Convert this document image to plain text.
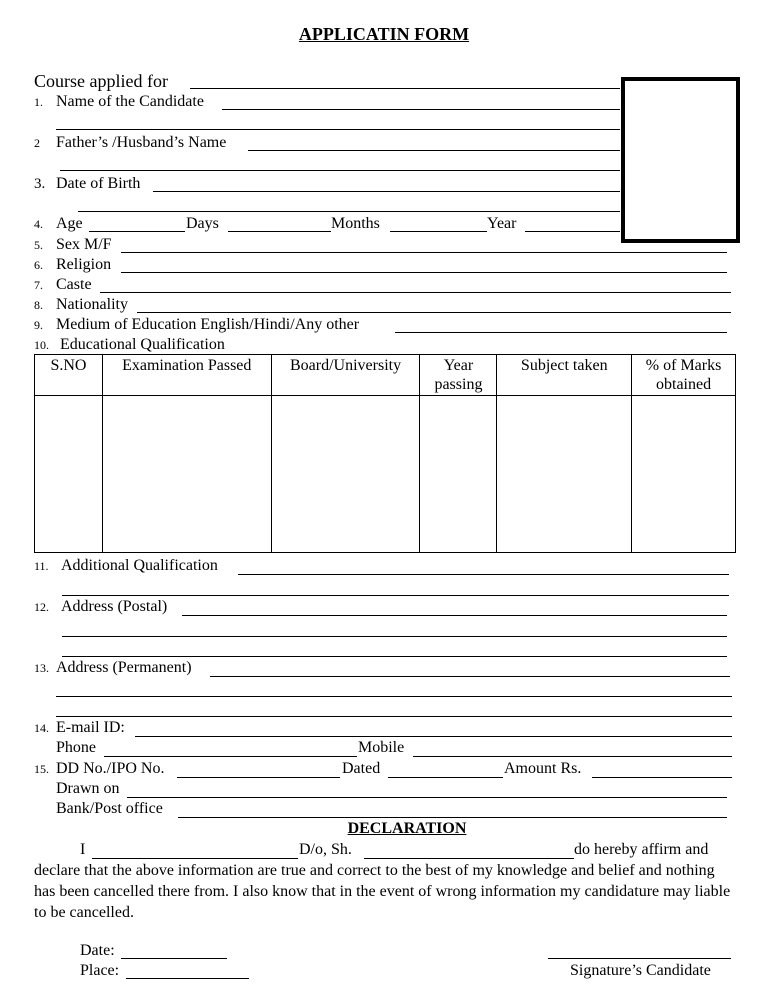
APPLICATIN FORM
Course applied for
1. Name of the Candidate
2 Father’s /Husband’s Name
3. Date of Birth
4. Age	Days	Months	Year
5. Sex M/F
6. Religion
7. Caste
8. Nationality
9. Medium of Education English/Hindi/Any other
10. Educational Qualification
S.NO	Examination Passed	Board/University	Year passing	Subject taken	% of Marks obtained

11. Additional Qualification
12. Address (Postal)
13. Address (Permanent)
14. E-mail ID:
Phone	Mobile
15. DD No./IPO No.	Dated	Amount Rs.
Drawn on
Bank/Post office
DECLARATION
I	D/o, Sh.	do hereby affirm and
declare that the above information are true and correct to the best of my knowledge and belief and nothing has been cancelled there from. I also know that in the event of wrong information my candidature may liable to be cancelled.
Date:
Place:	Signature’s Candidate
